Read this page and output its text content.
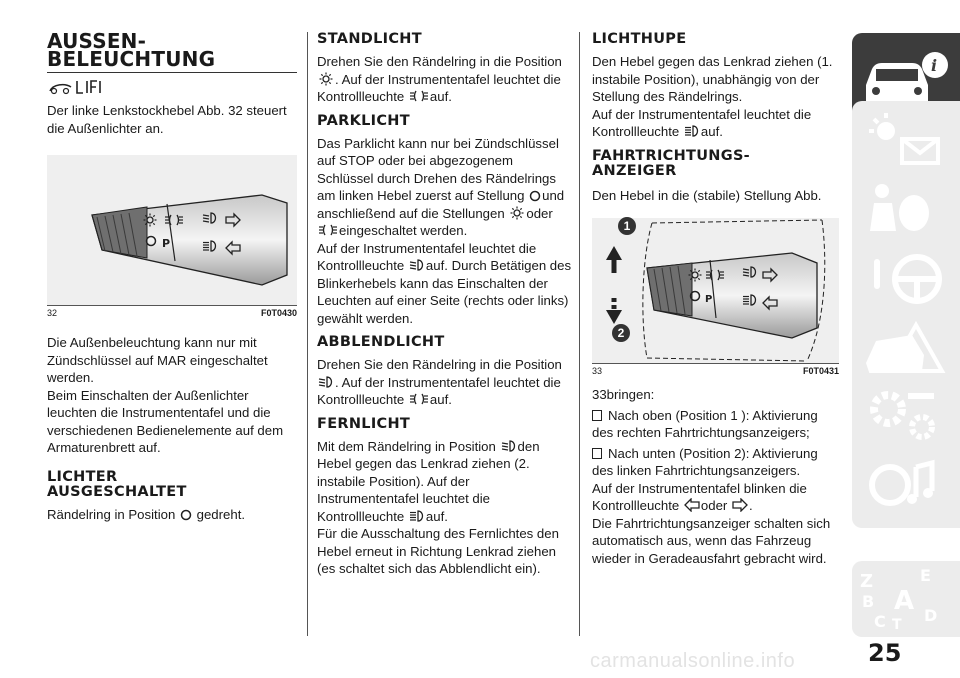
AUSSEN-
BELEUCHTUNG

Der linke Lenkstockhebel Abb. 32 steuert die Außenlichter an.

P
32	F0T0430

Die Außenbeleuchtung kann nur mit Zündschlüssel auf MAR eingeschaltet werden.

Beim Einschalten der Außenlichter leuchten die Instrumententafel und die verschiedenen Bedienelemente auf dem Armaturenbrett auf.

LICHTER
AUSGESCHALTET

Rändelring in Position gedreht.

STANDLICHT

Drehen Sie den Rändelring in die Position . Auf der Instrumententafel leuchtet die Kontrollleuchte auf.

PARKLICHT

Das Parklicht kann nur bei Zündschlüssel auf STOP oder bei abgezogenem Schlüssel durch Drehen des Rändelrings am linken Hebel zuerst auf Stellung und anschließend auf die Stellungen oder
eingeschaltet werden.

Auf der Instrumententafel leuchtet die Kontrollleuchte auf. Durch Betätigen des Blinkerhebels kann das Einschalten der Leuchten auf einer Seite (rechts oder links) gewählt werden.

ABBLENDLICHT

Drehen Sie den Rändelring in die Position . Auf der Instrumententafel leuchtet die Kontrollleuchte auf.

FERNLICHT

Mit dem Rändelring in Position den Hebel gegen das Lenkrad ziehen (2. instabile Position). Auf der Instrumententafel leuchtet die Kontrollleuchte auf.

Für die Ausschaltung des Fernlichtes den Hebel erneut in Richtung Lenkrad ziehen (es schaltet sich das Abblendlicht ein).

LICHTHUPE

Den Hebel gegen das Lenkrad ziehen (1. instabile Position), unabhängig von der Stellung des Rändelrings.

Auf der Instrumententafel leuchtet die Kontrollleuchte auf.

FAHRTRICHTUNGS-
ANZEIGER

Den Hebel in die (stabile) Stellung Abb.

P
1
2
33	F0T0431

33bringen:

Nach oben (Position 1 ): Aktivierung des rechten Fahrtrichtungsanzeigers;

Nach unten (Position 2): Aktivierung des linken Fahrtrichtungsanzeigers.

Auf der Instrumententafel blinken die Kontrollleuchte oder .

Die Fahrtrichtungsanzeiger schalten sich automatisch aus, wenn das Fahrzeug wieder in Geradeausfahrt gebracht wird.

i
Z	E
B A
C T D
25
carmanualsonline.info
